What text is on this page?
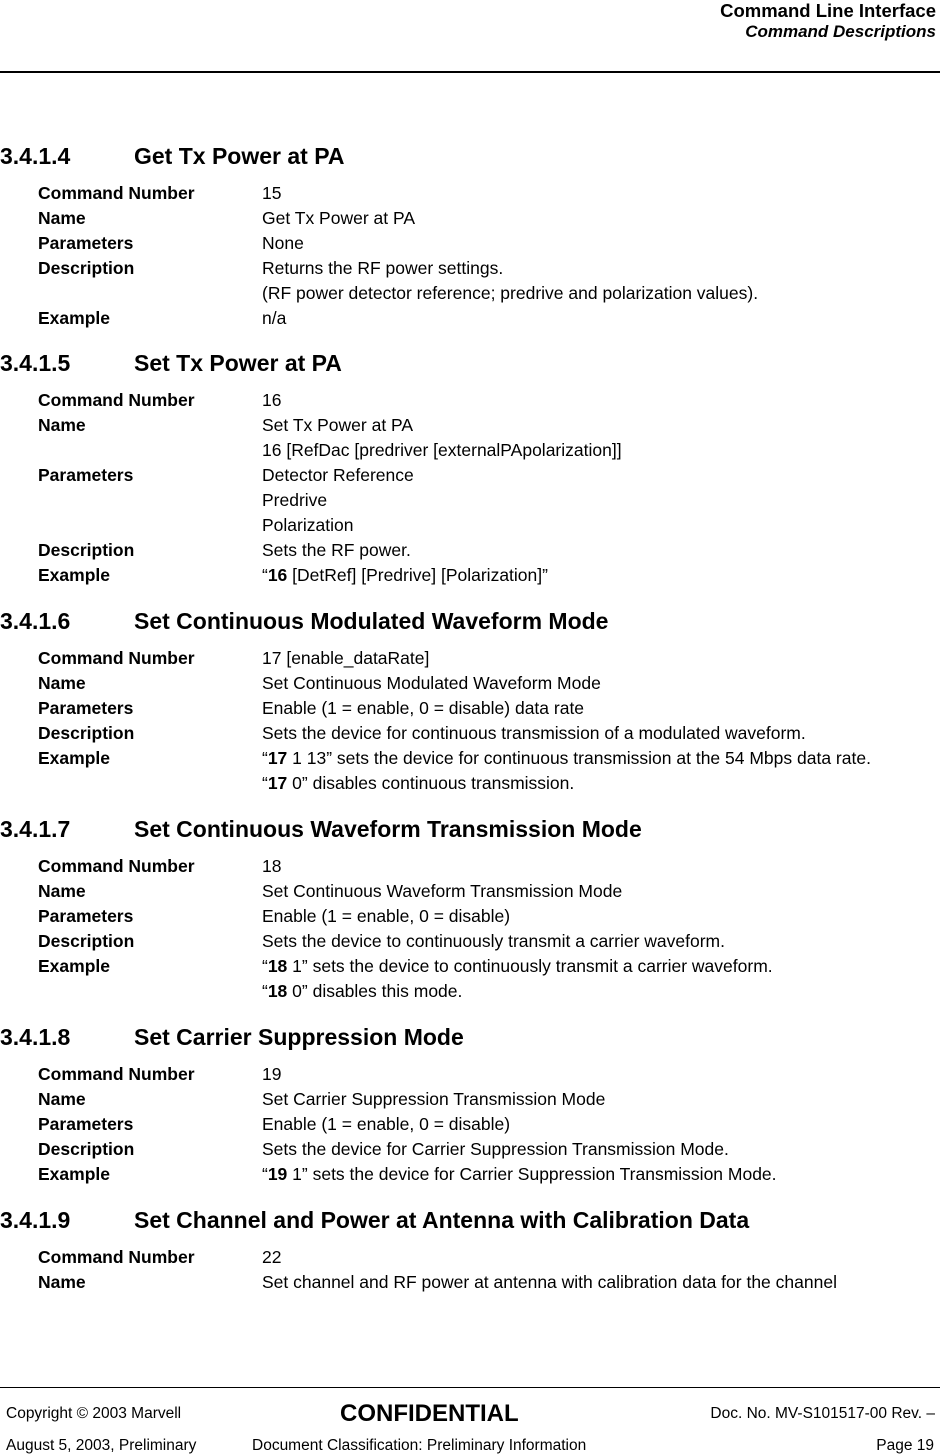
Command Line Interface
Command Descriptions
3.4.1.4	Get Tx Power at PA
Command Number	15
Name	Get Tx Power at PA
Parameters	None
Description	Returns the RF power settings.
(RF power detector reference; predrive and polarization values).
Example	n/a
3.4.1.5	Set Tx Power at PA
Command Number	16
Name	Set Tx Power at PA
16 [RefDac [predriver [externalPApolarization]]
Parameters	Detector Reference
Predrive
Polarization
Description	Sets the RF power.
Example	“16 [DetRef] [Predrive] [Polarization]”
3.4.1.6	Set Continuous Modulated Waveform Mode
Command Number	17 [enable_dataRate]
Name	Set Continuous Modulated Waveform Mode
Parameters	Enable (1 = enable, 0 = disable) data rate
Description	Sets the device for continuous transmission of a modulated waveform.
Example	“17 1 13” sets the device for continuous transmission at the 54 Mbps data rate.
“17 0” disables continuous transmission.
3.4.1.7	Set Continuous Waveform Transmission Mode
Command Number	18
Name	Set Continuous Waveform Transmission Mode
Parameters	Enable (1 = enable, 0 = disable)
Description	Sets the device to continuously transmit a carrier waveform.
Example	“18 1” sets the device to continuously transmit a carrier waveform.
“18 0” disables this mode.
3.4.1.8	Set Carrier Suppression Mode
Command Number	19
Name	Set Carrier Suppression Transmission Mode
Parameters	Enable (1 = enable, 0 = disable)
Description	Sets the device for Carrier Suppression Transmission Mode.
Example	“19 1” sets the device for Carrier Suppression Transmission Mode.
3.4.1.9	Set Channel and Power at Antenna with Calibration Data
Command Number	22
Name	Set channel and RF power at antenna with calibration data for the channel
Copyright © 2003 Marvell	CONFIDENTIAL	Doc. No. MV-S101517-00 Rev. –
August 5, 2003, Preliminary	Document Classification: Preliminary Information	Page 19
